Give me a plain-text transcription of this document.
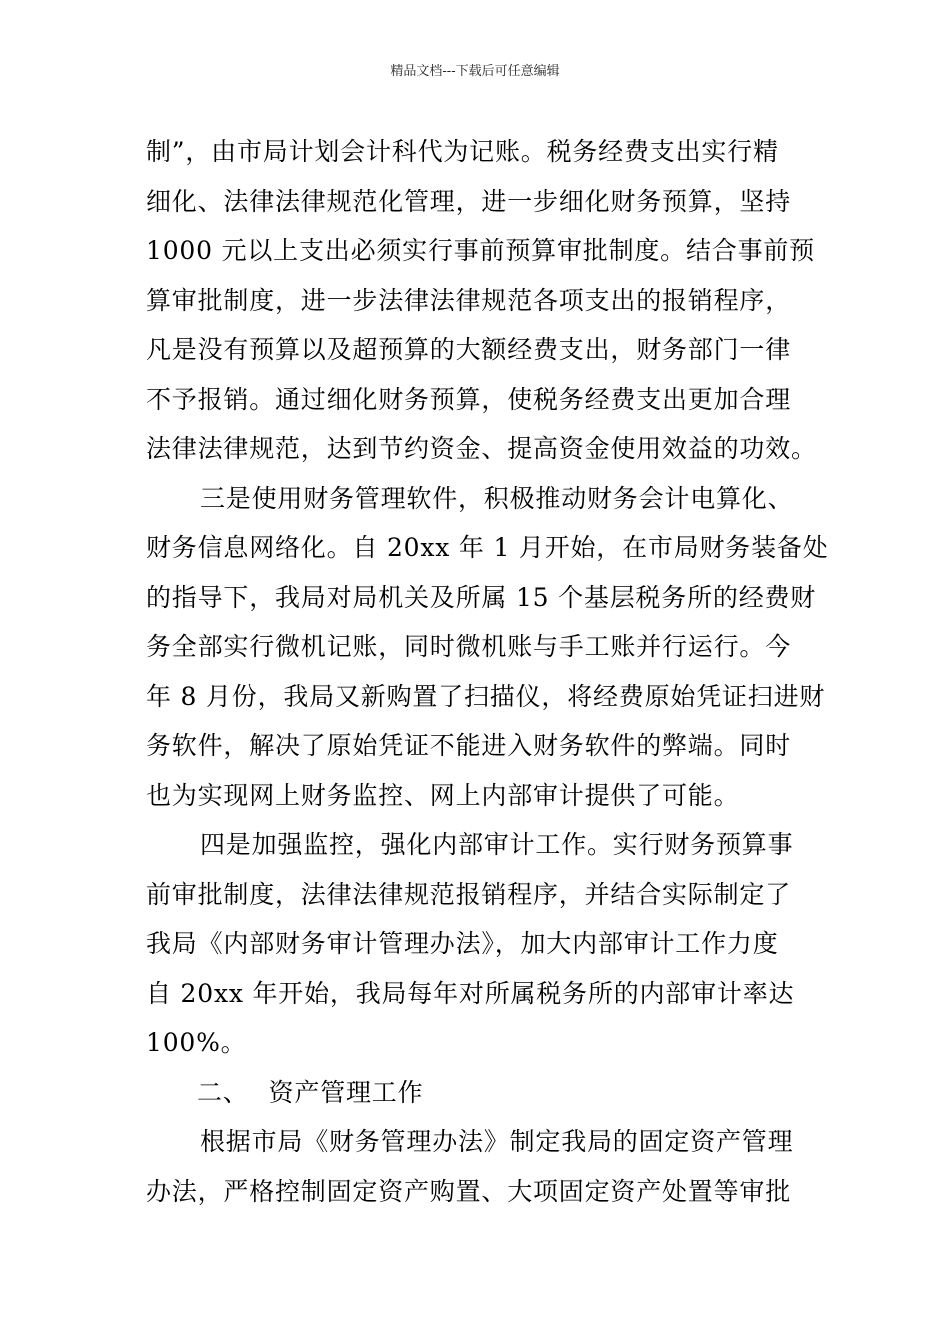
精品文档---下载后可任意编辑
制”，由市局计划会计科代为记账。税务经费支出实行精
细化、法律法律规范化管理，进一步细化财务预算，坚持
1000 元以上支出必须实行事前预算审批制度。结合事前预
算审批制度，进一步法律法律规范各项支出的报销程序，
凡是没有预算以及超预算的大额经费支出，财务部门一律
不予报销。通过细化财务预算，使税务经费支出更加合理
法律法律规范，达到节约资金、提高资金使用效益的功效。
三是使用财务管理软件，积极推动财务会计电算化、
财务信息网络化。自 20xx 年 1 月开始，在市局财务装备处
的指导下，我局对局机关及所属 15 个基层税务所的经费财
务全部实行微机记账，同时微机账与手工账并行运行。今
年 8 月份，我局又新购置了扫描仪，将经费原始凭证扫进财
务软件，解决了原始凭证不能进入财务软件的弊端。同时
也为实现网上财务监控、网上内部审计提供了可能。
四是加强监控，强化内部审计工作。实行财务预算事
前审批制度，法律法律规范报销程序，并结合实际制定了
我局《内部财务审计管理办法》，加大内部审计工作力度
自 20xx 年开始，我局每年对所属税务所的内部审计率达
100%。
二、 资产管理工作
根据市局《财务管理办法》制定我局的固定资产管理
办法，严格控制固定资产购置、大项固定资产处置等审批
